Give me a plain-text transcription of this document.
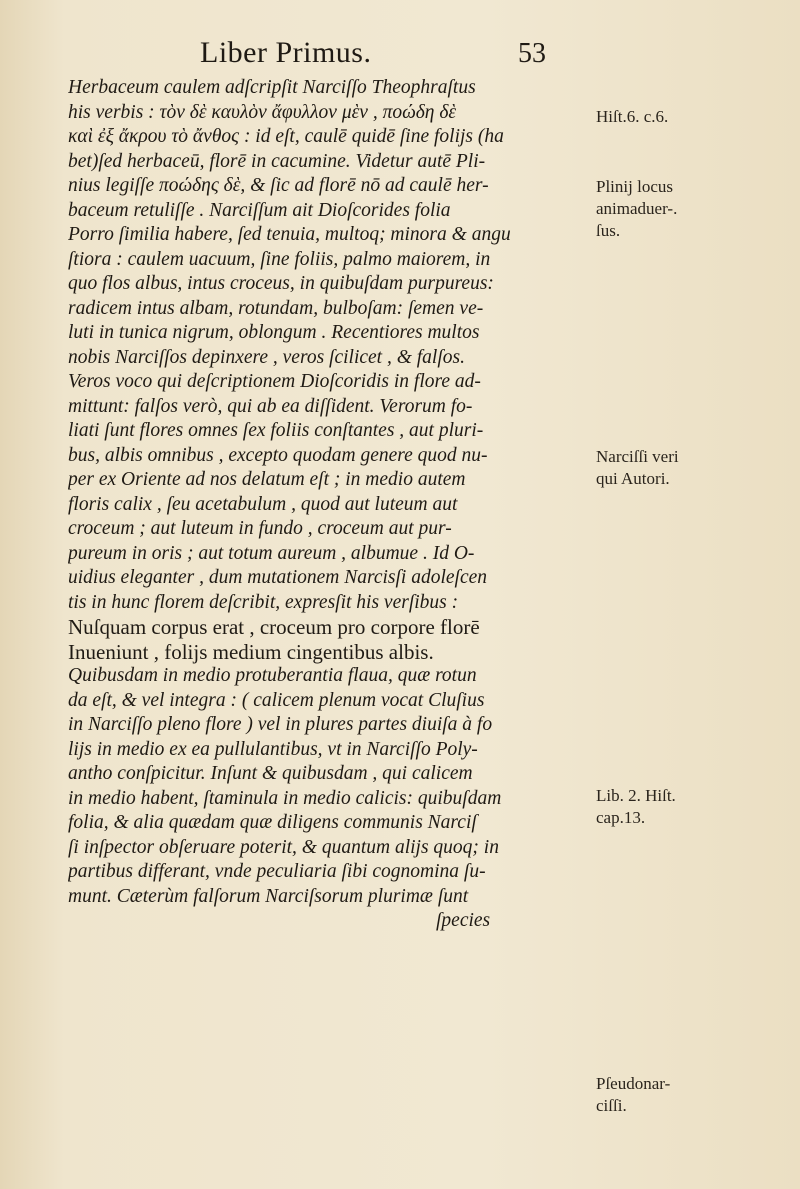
Liber Primus.	53
Herbaceum caulem adſcripſit Narciſſo Theophraſtus
his verbis : τὸν δὲ καυλὸν ἄφυλλον μὲν , ποώδη δὲ
καὶ ἐξ ἄκρου τὸ ἄνθος : id eſt, caulē quidē ſine folijs (ha
bet)ſed herbaceū, florē in cacumine. Videtur autē Pli-
nius legiſſe ποώδης δὲ, & ſic ad florē nō ad caulē her-
baceum retuliſſe . Narciſſum ait Dioſcorides folia
Porro ſimilia habere, ſed tenuia, multoq; minora & angu
ſtiora : caulem uacuum, ſine foliis, palmo maiorem, in
quo flos albus, intus croceus, in quibuſdam purpureus:
radicem intus albam, rotundam, bulboſam: ſemen ve-
luti in tunica nigrum, oblongum . Recentiores multos
nobis Narciſſos depinxere , veros ſcilicet , & falſos.
Veros voco qui deſcriptionem Dioſcoridis in flore ad-
mittunt: falſos verò, qui ab ea diſſident. Verorum fo-
liati ſunt flores omnes ſex foliis conſtantes , aut pluri-
bus, albis omnibus , excepto quodam genere quod nu-
per ex Oriente ad nos delatum eſt ; in medio autem
floris calix , ſeu acetabulum , quod aut luteum aut
croceum ; aut luteum in fundo , croceum aut pur-
pureum in oris ; aut totum aureum , albumue . Id O-
uidius eleganter , dum mutationem Narcisſi adoleſcen
tis in hunc florem deſcribit, expresſit his verſibus :
Nuſquam corpus erat , croceum pro corpore florē
Inueniunt , folijs medium cingentibus albis.
Quibusdam in medio protuberantia flaua, quæ rotun
da eſt, & vel integra : ( calicem plenum vocat Cluſius
in Narciſſo pleno flore ) vel in plures partes diuiſa à fo
lijs in medio ex ea pullulantibus, vt in Narciſſo Poly-
antho conſpicitur. Inſunt & quibusdam , qui calicem
in medio habent, ſtaminula in medio calicis: quibuſdam
folia, & alia quædam quæ diligens communis Narciſ
ſi inſpector obſeruare poterit, & quantum alijs quoq; in
partibus differant, vnde peculiaria ſibi cognomina ſu-
munt. Cæterùm falſorum Narciſsorum plurimæ ſunt
ſpecies
Hiſt.6. c.6.
Plinij locus
animaduer-.
ſus.
Narciſſi veri
qui Autori.
Lib. 2. Hiſt.
cap.13.
Pſeudonar-
ciſſi.
